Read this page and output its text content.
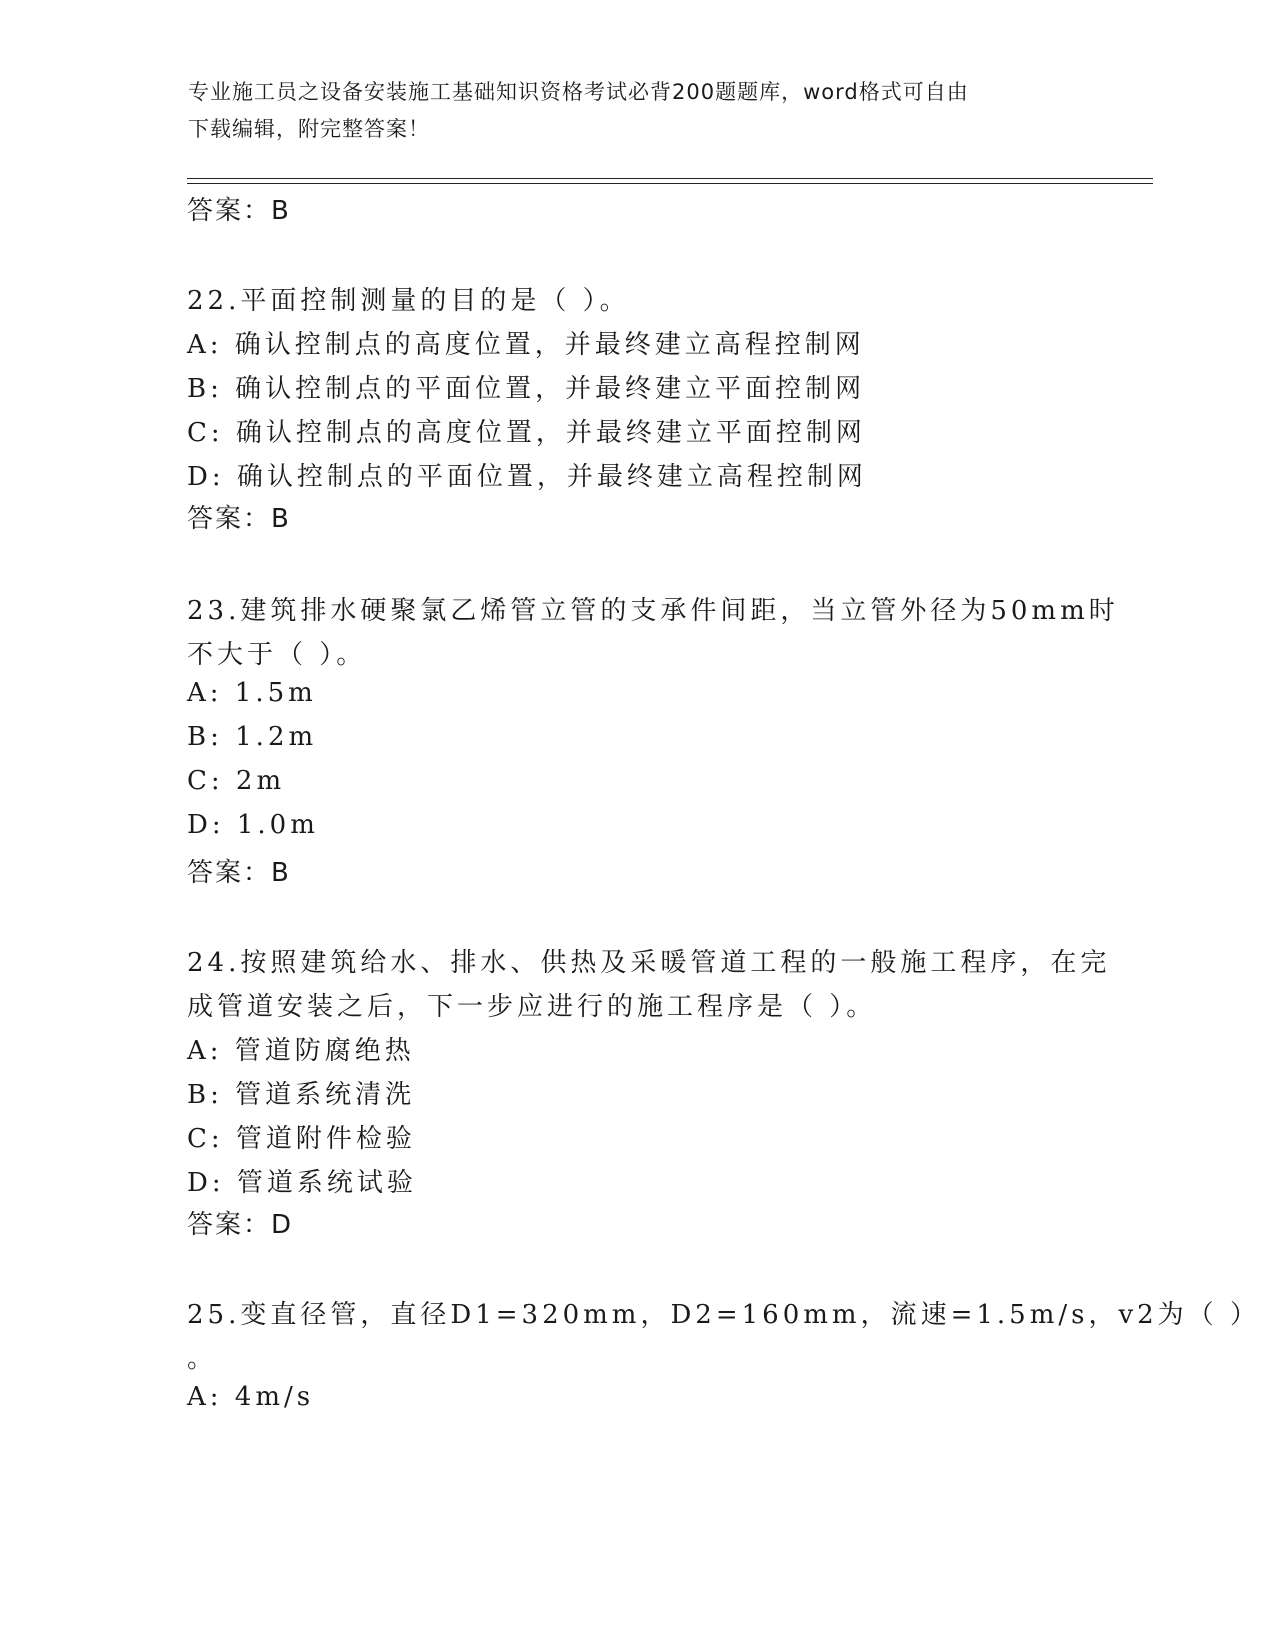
专业施工员之设备安装施工基础知识资格考试必背200题题库，word格式可自由
下载编辑，附完整答案！
答案：B
22.平面控制测量的目的是（ ）。
A: 确认控制点的高度位置，并最终建立高程控制网
B: 确认控制点的平面位置，并最终建立平面控制网
C: 确认控制点的高度位置，并最终建立平面控制网
D: 确认控制点的平面位置，并最终建立高程控制网
答案：B
23.建筑排水硬聚氯乙烯管立管的支承件间距，当立管外径为50mm时
不大于（ ）。
A: 1.5m
B: 1.2m
C: 2m
D: 1.0m
答案：B
24.按照建筑给水、排水、供热及采暖管道工程的一般施工程序，在完
成管道安装之后，下一步应进行的施工程序是（ ）。
A: 管道防腐绝热
B: 管道系统清洗
C: 管道附件检验
D: 管道系统试验
答案：D
25.变直径管，直径D1=320mm，D2=160mm，流速=1.5m/s，v2为（ ）
。
A: 4m/s
